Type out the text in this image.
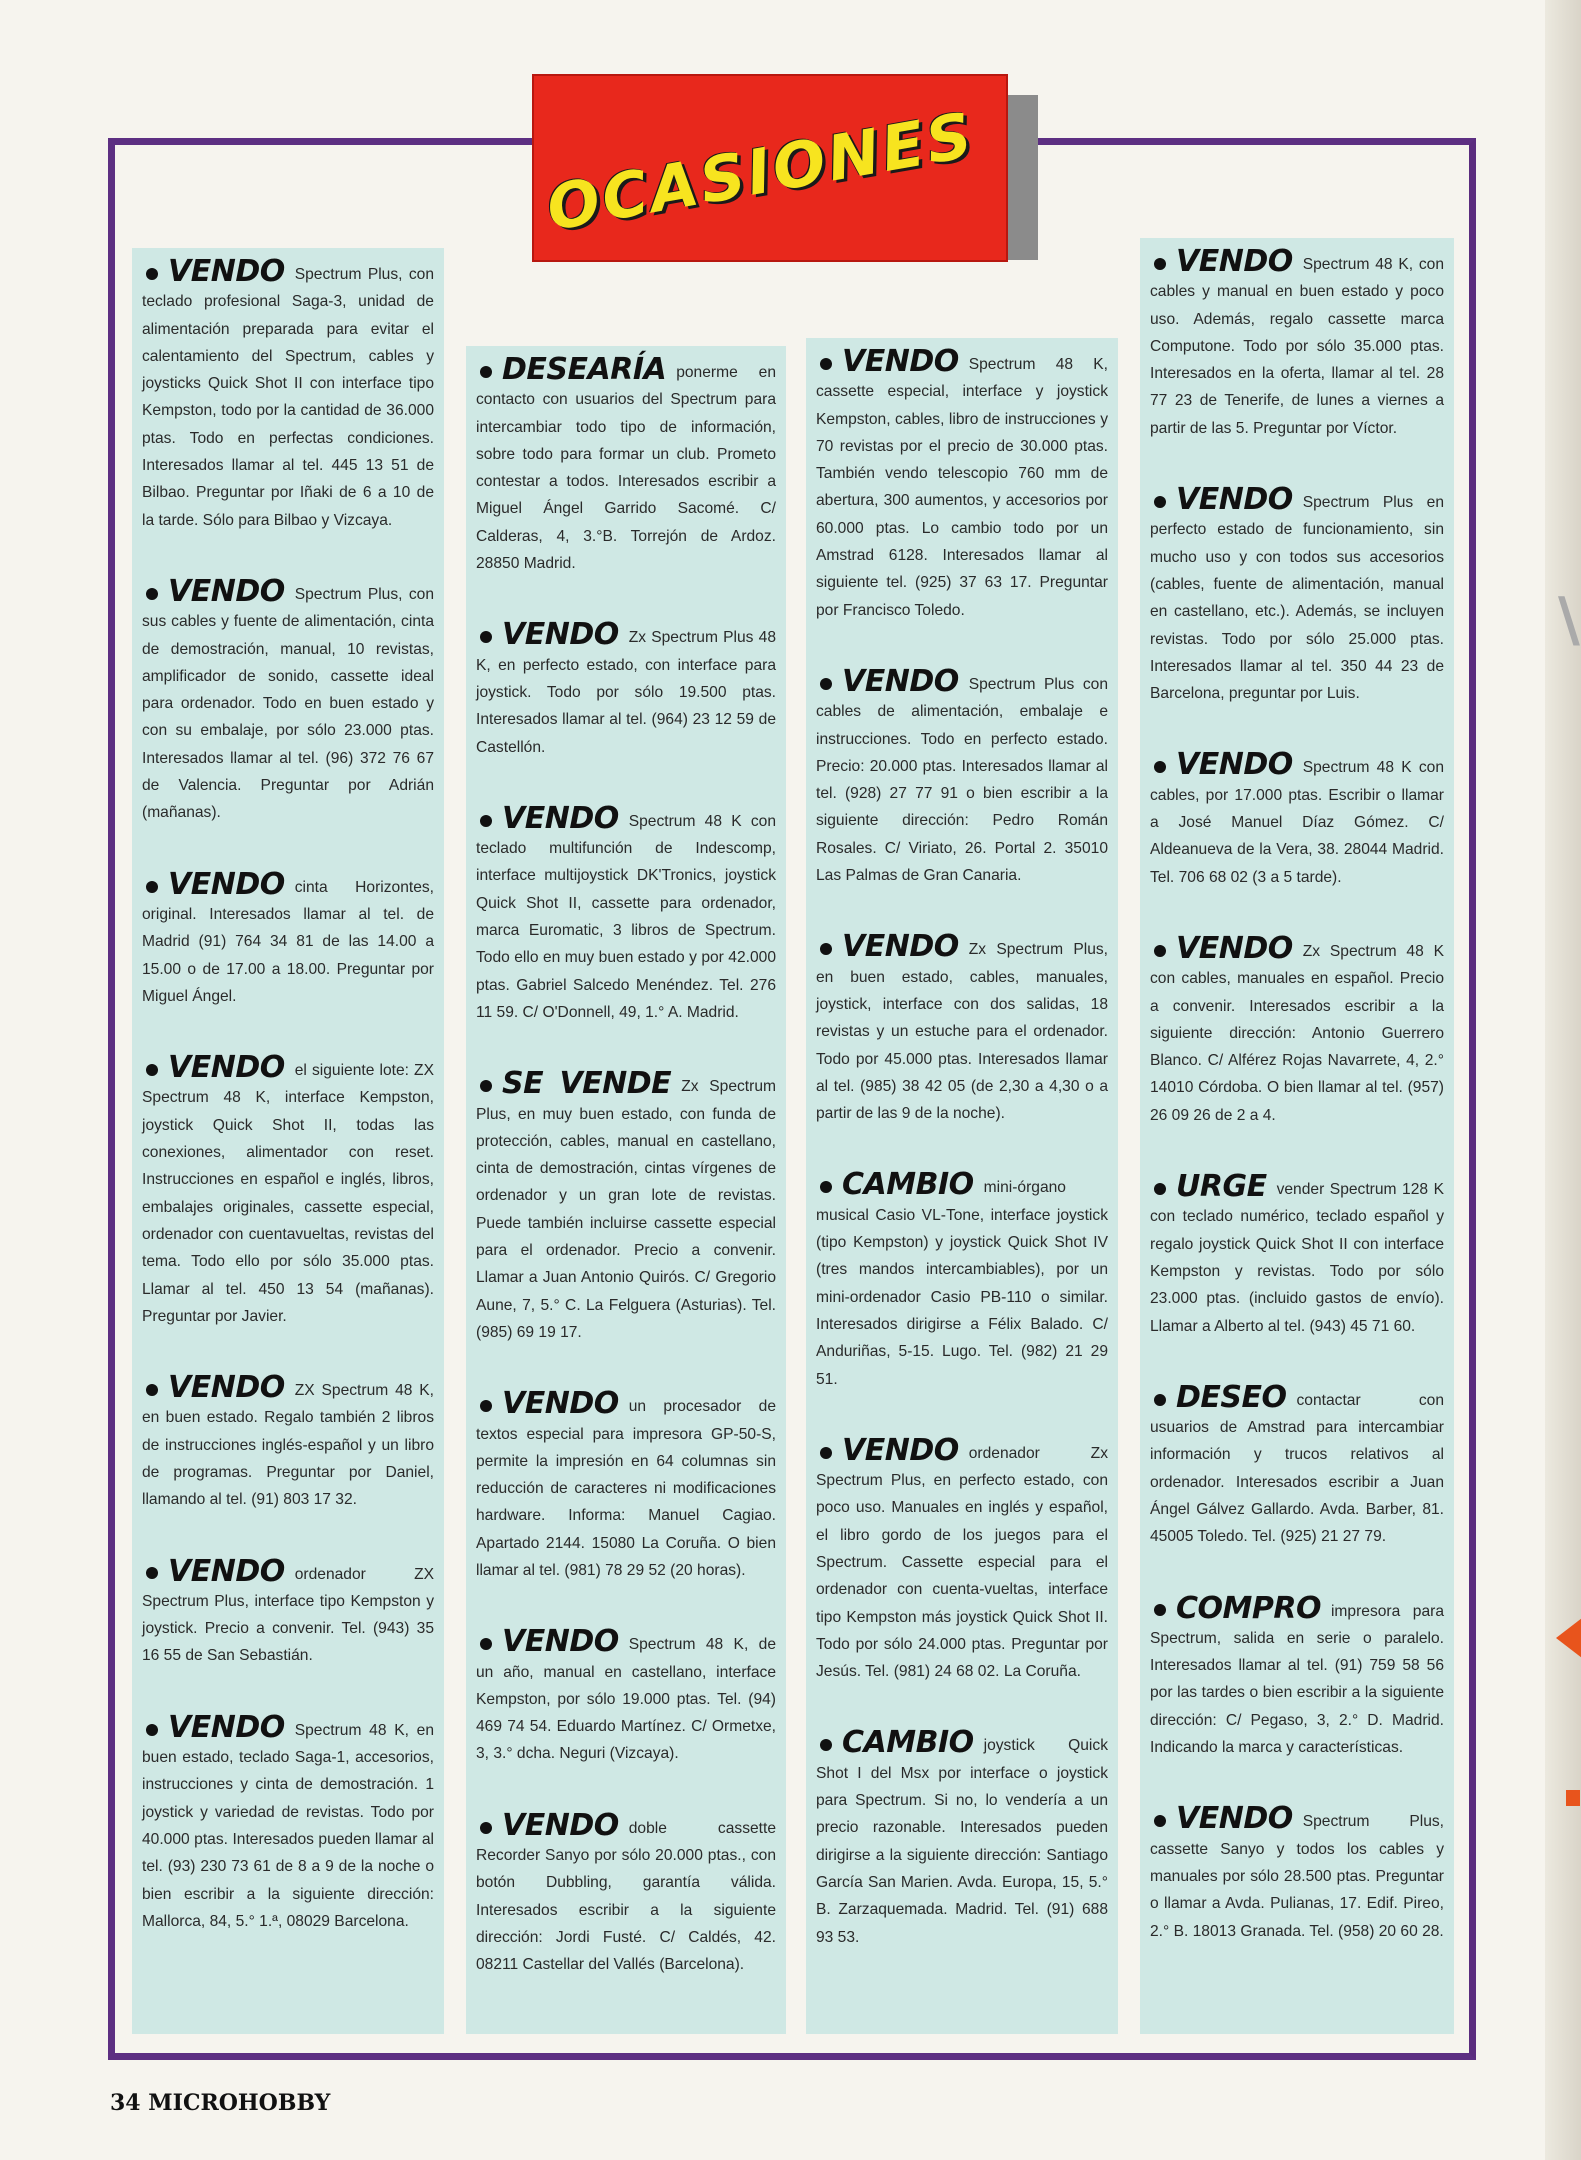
\
OCASIONES

VENDO Spectrum Plus, con teclado profesional Saga-3, unidad de alimentación preparada para evitar el calentamiento del Spectrum, cables y joysticks Quick Shot II con interface tipo Kempston, todo por la cantidad de 36.000 ptas. Todo en perfectas condiciones. Interesados llamar al tel. 445 13 51 de Bilbao. Preguntar por Iñaki de 6 a 10 de la tarde. Sólo para Bilbao y Vizcaya.

VENDO Spectrum Plus, con sus cables y fuente de alimentación, cinta de demostración, manual, 10 revistas, amplificador de sonido, cassette ideal para ordenador. Todo en buen estado y con su embalaje, por sólo 23.000 ptas. Interesados llamar al tel. (96) 372 76 67 de Valencia. Preguntar por Adrián (mañanas).

VENDO cinta Horizontes, original. Interesados llamar al tel. de Madrid (91) 764 34 81 de las 14.00 a 15.00 o de 17.00 a 18.00. Preguntar por Miguel Ángel.

VENDO el siguiente lote: ZX Spectrum 48 K, interface Kempston, joystick Quick Shot II, todas las conexiones, alimentador con reset. Instrucciones en español e inglés, libros, embalajes originales, cassette especial, ordenador con cuentavueltas, revistas del tema. Todo ello por sólo 35.000 ptas. Llamar al tel. 450 13 54 (mañanas). Preguntar por Javier.

VENDO ZX Spectrum 48 K, en buen estado. Regalo también 2 libros de instrucciones inglés-español y un libro de programas. Preguntar por Daniel, llamando al tel. (91) 803 17 32.

VENDO ordenador ZX Spectrum Plus, interface tipo Kempston y joystick. Precio a convenir. Tel. (943) 35 16 55 de San Sebastián.

VENDO Spectrum 48 K, en buen estado, teclado Saga-1, accesorios, instrucciones y cinta de demostración. 1 joystick y variedad de revistas. Todo por 40.000 ptas. Interesados pueden llamar al tel. (93) 230 73 61 de 8 a 9 de la noche o bien escribir a la siguiente dirección: Mallorca, 84, 5.° 1.ª, 08029 Barcelona.

DESEARÍA ponerme en contacto con usuarios del Spectrum para intercambiar todo tipo de información, sobre todo para formar un club. Prometo contestar a todos. Interesados escribir a Miguel Ángel Garrido Sacomé. C/ Calderas, 4, 3.°B. Torrejón de Ardoz. 28850 Madrid.

VENDO Zx Spectrum Plus 48 K, en perfecto estado, con interface para joystick. Todo por sólo 19.500 ptas. Interesados llamar al tel. (964) 23 12 59 de Castellón.

VENDO Spectrum 48 K con teclado multifunción de Indescomp, interface multijoystick DK'Tronics, joystick Quick Shot II, cassette para ordenador, marca Euromatic, 3 libros de Spectrum. Todo ello en muy buen estado y por 42.000 ptas. Gabriel Salcedo Menéndez. Tel. 276 11 59. C/ O'Donnell, 49, 1.° A. Madrid.

SE VENDE Zx Spectrum Plus, en muy buen estado, con funda de protección, cables, manual en castellano, cinta de demostración, cintas vírgenes de ordenador y un gran lote de revistas. Puede también incluirse cassette especial para el ordenador. Precio a convenir. Llamar a Juan Antonio Quirós. C/ Gregorio Aune, 7, 5.° C. La Felguera (Asturias). Tel. (985) 69 19 17.

VENDO un procesador de textos especial para impresora GP-50-S, permite la impresión en 64 columnas sin reducción de caracteres ni modificaciones hardware. Informa: Manuel Cagiao. Apartado 2144. 15080 La Coruña. O bien llamar al tel. (981) 78 29 52 (20 horas).

VENDO Spectrum 48 K, de un año, manual en castellano, interface Kempston, por sólo 19.000 ptas. Tel. (94) 469 74 54. Eduardo Martínez. C/ Ormetxe, 3, 3.° dcha. Neguri (Vizcaya).

VENDO doble cassette Recorder Sanyo por sólo 20.000 ptas., con botón Dubbling, garantía válida. Interesados escribir a la siguiente dirección: Jordi Fusté. C/ Caldés, 42. 08211 Castellar del Vallés (Barcelona).

VENDO Spectrum 48 K, cassette especial, interface y joystick Kempston, cables, libro de instrucciones y 70 revistas por el precio de 30.000 ptas. También vendo telescopio 760 mm de abertura, 300 aumentos, y accesorios por 60.000 ptas. Lo cambio todo por un Amstrad 6128. Interesados llamar al siguiente tel. (925) 37 63 17. Preguntar por Francisco Toledo.

VENDO Spectrum Plus con cables de alimentación, embalaje e instrucciones. Todo en perfecto estado. Precio: 20.000 ptas. Interesados llamar al tel. (928) 27 77 91 o bien escribir a la siguiente dirección: Pedro Román Rosales. C/ Viriato, 26. Portal 2. 35010 Las Palmas de Gran Canaria.

VENDO Zx Spectrum Plus, en buen estado, cables, manuales, joystick, interface con dos salidas, 18 revistas y un estuche para el ordenador. Todo por 45.000 ptas. Interesados llamar al tel. (985) 38 42 05 (de 2,30 a 4,30 o a partir de las 9 de la noche).

CAMBIO mini-órgano musical Casio VL-Tone, interface joystick (tipo Kempston) y joystick Quick Shot IV (tres mandos intercambiables), por un mini-ordenador Casio PB-110 o similar. Interesados dirigirse a Félix Balado. C/ Anduriñas, 5-15. Lugo. Tel. (982) 21 29 51.

VENDO ordenador Zx Spectrum Plus, en perfecto estado, con poco uso. Manuales en inglés y español, el libro gordo de los juegos para el Spectrum. Cassette especial para el ordenador con cuenta-vueltas, interface tipo Kempston más joystick Quick Shot II. Todo por sólo 24.000 ptas. Preguntar por Jesús. Tel. (981) 24 68 02. La Coruña.

CAMBIO joystick Quick Shot I del Msx por interface o joystick para Spectrum. Si no, lo vendería a un precio razonable. Interesados pueden dirigirse a la siguiente dirección: Santiago García San Marien. Avda. Europa, 15, 5.° B. Zarzaquemada. Madrid. Tel. (91) 688 93 53.

VENDO Spectrum 48 K, con cables y manual en buen estado y poco uso. Además, regalo cassette marca Computone. Todo por sólo 35.000 ptas. Interesados en la oferta, llamar al tel. 28 77 23 de Tenerife, de lunes a viernes a partir de las 5. Preguntar por Víctor.

VENDO Spectrum Plus en perfecto estado de funcionamiento, sin mucho uso y con todos sus accesorios (cables, fuente de alimentación, manual en castellano, etc.). Además, se incluyen revistas. Todo por sólo 25.000 ptas. Interesados llamar al tel. 350 44 23 de Barcelona, preguntar por Luis.

VENDO Spectrum 48 K con cables, por 17.000 ptas. Escribir o llamar a José Manuel Díaz Gómez. C/ Aldeanueva de la Vera, 38. 28044 Madrid. Tel. 706 68 02 (3 a 5 tarde).

VENDO Zx Spectrum 48 K con cables, manuales en español. Precio a convenir. Interesados escribir a la siguiente dirección: Antonio Guerrero Blanco. C/ Alférez Rojas Navarrete, 4, 2.° 14010 Córdoba. O bien llamar al tel. (957) 26 09 26 de 2 a 4.

URGE vender Spectrum 128 K con teclado numérico, teclado español y regalo joystick Quick Shot II con interface Kempston y revistas. Todo por sólo 23.000 ptas. (incluido gastos de envío). Llamar a Alberto al tel. (943) 45 71 60.

DESEO contactar con usuarios de Amstrad para intercambiar información y trucos relativos al ordenador. Interesados escribir a Juan Ángel Gálvez Gallardo. Avda. Barber, 81. 45005 Toledo. Tel. (925) 21 27 79.

COMPRO impresora para Spectrum, salida en serie o paralelo. Interesados llamar al tel. (91) 759 58 56 por las tardes o bien escribir a la siguiente dirección: C/ Pegaso, 3, 2.° D. Madrid. Indicando la marca y características.

VENDO Spectrum Plus, cassette Sanyo y todos los cables y manuales por sólo 28.500 ptas. Preguntar o llamar a Avda. Pulianas, 17. Edif. Pireo, 2.° B. 18013 Granada. Tel. (958) 20 60 28.

34 MICROHOBBY
